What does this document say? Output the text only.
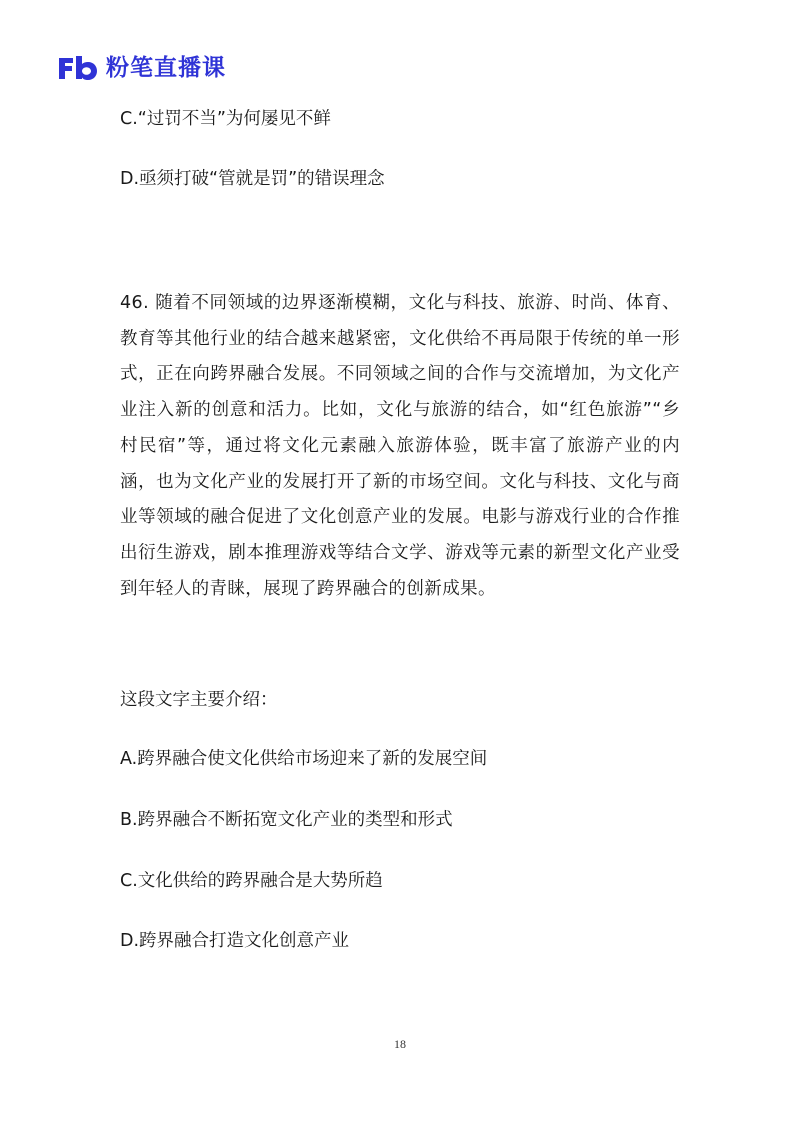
粉笔直播课
C.“过罚不当”为何屡见不鲜
D.亟须打破“管就是罚”的错误理念
46. 随着不同领域的边界逐渐模糊，文化与科技、旅游、时尚、体育、教育等其他行业的结合越来越紧密，文化供给不再局限于传统的单一形式，正在向跨界融合发展。不同领域之间的合作与交流增加，为文化产业注入新的创意和活力。比如，文化与旅游的结合，如“红色旅游”“乡村民宿”等，通过将文化元素融入旅游体验，既丰富了旅游产业的内涵，也为文化产业的发展打开了新的市场空间。文化与科技、文化与商业等领域的融合促进了文化创意产业的发展。电影与游戏行业的合作推出衍生游戏，剧本推理游戏等结合文学、游戏等元素的新型文化产业受到年轻人的青睐，展现了跨界融合的创新成果。
这段文字主要介绍：
A.跨界融合使文化供给市场迎来了新的发展空间
B.跨界融合不断拓宽文化产业的类型和形式
C.文化供给的跨界融合是大势所趋
D.跨界融合打造文化创意产业
18
